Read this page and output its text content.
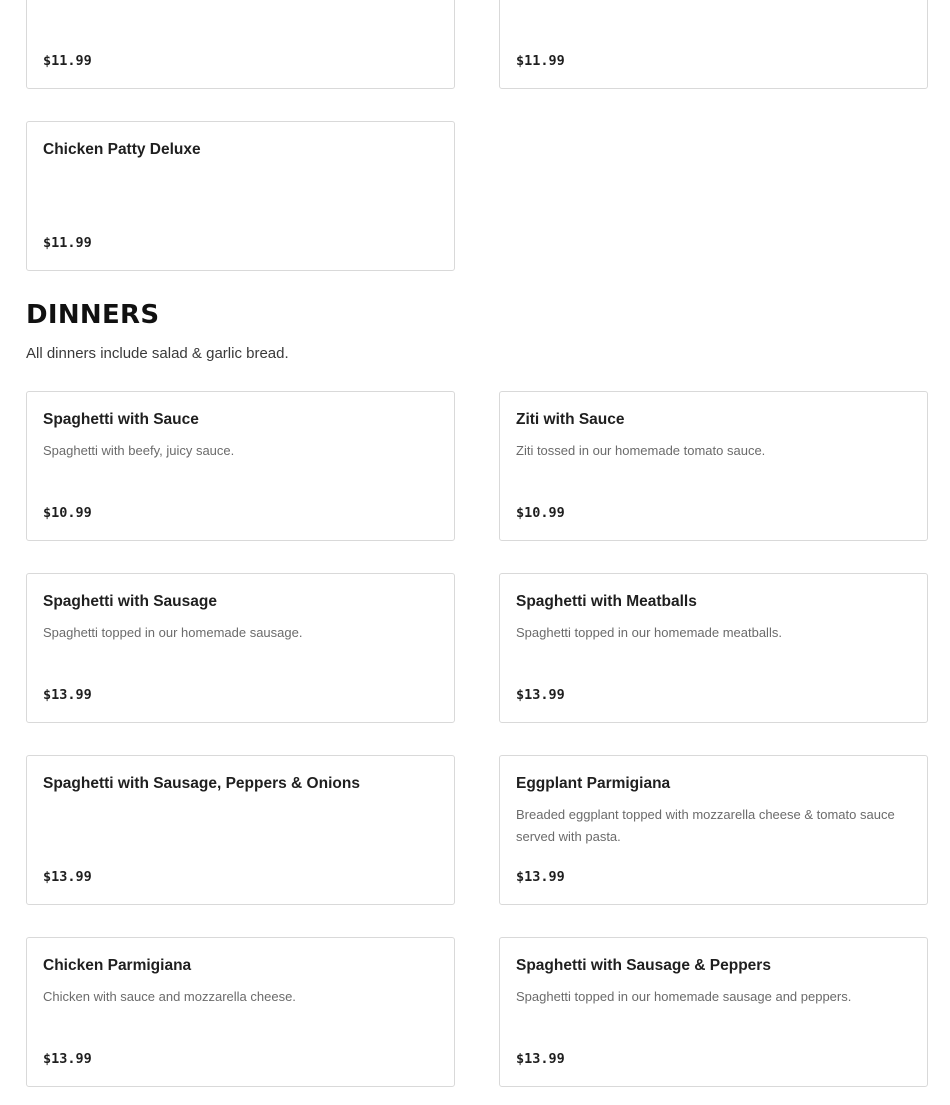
$11.99	$11.99
Chicken Patty Deluxe
$11.99
DINNERS
All dinners include salad & garlic bread.
Spaghetti with Sauce
Spaghetti with beefy, juicy sauce.
$10.99
Ziti with Sauce
Ziti tossed in our homemade tomato sauce.
$10.99
Spaghetti with Sausage
Spaghetti topped in our homemade sausage.
$13.99
Spaghetti with Meatballs
Spaghetti topped in our homemade meatballs.
$13.99
Spaghetti with Sausage, Peppers & Onions
$13.99
Eggplant Parmigiana
Breaded eggplant topped with mozzarella cheese & tomato sauce served with pasta.
$13.99
Chicken Parmigiana
Chicken with sauce and mozzarella cheese.
$13.99
Spaghetti with Sausage & Peppers
Spaghetti topped in our homemade sausage and peppers.
$13.99
